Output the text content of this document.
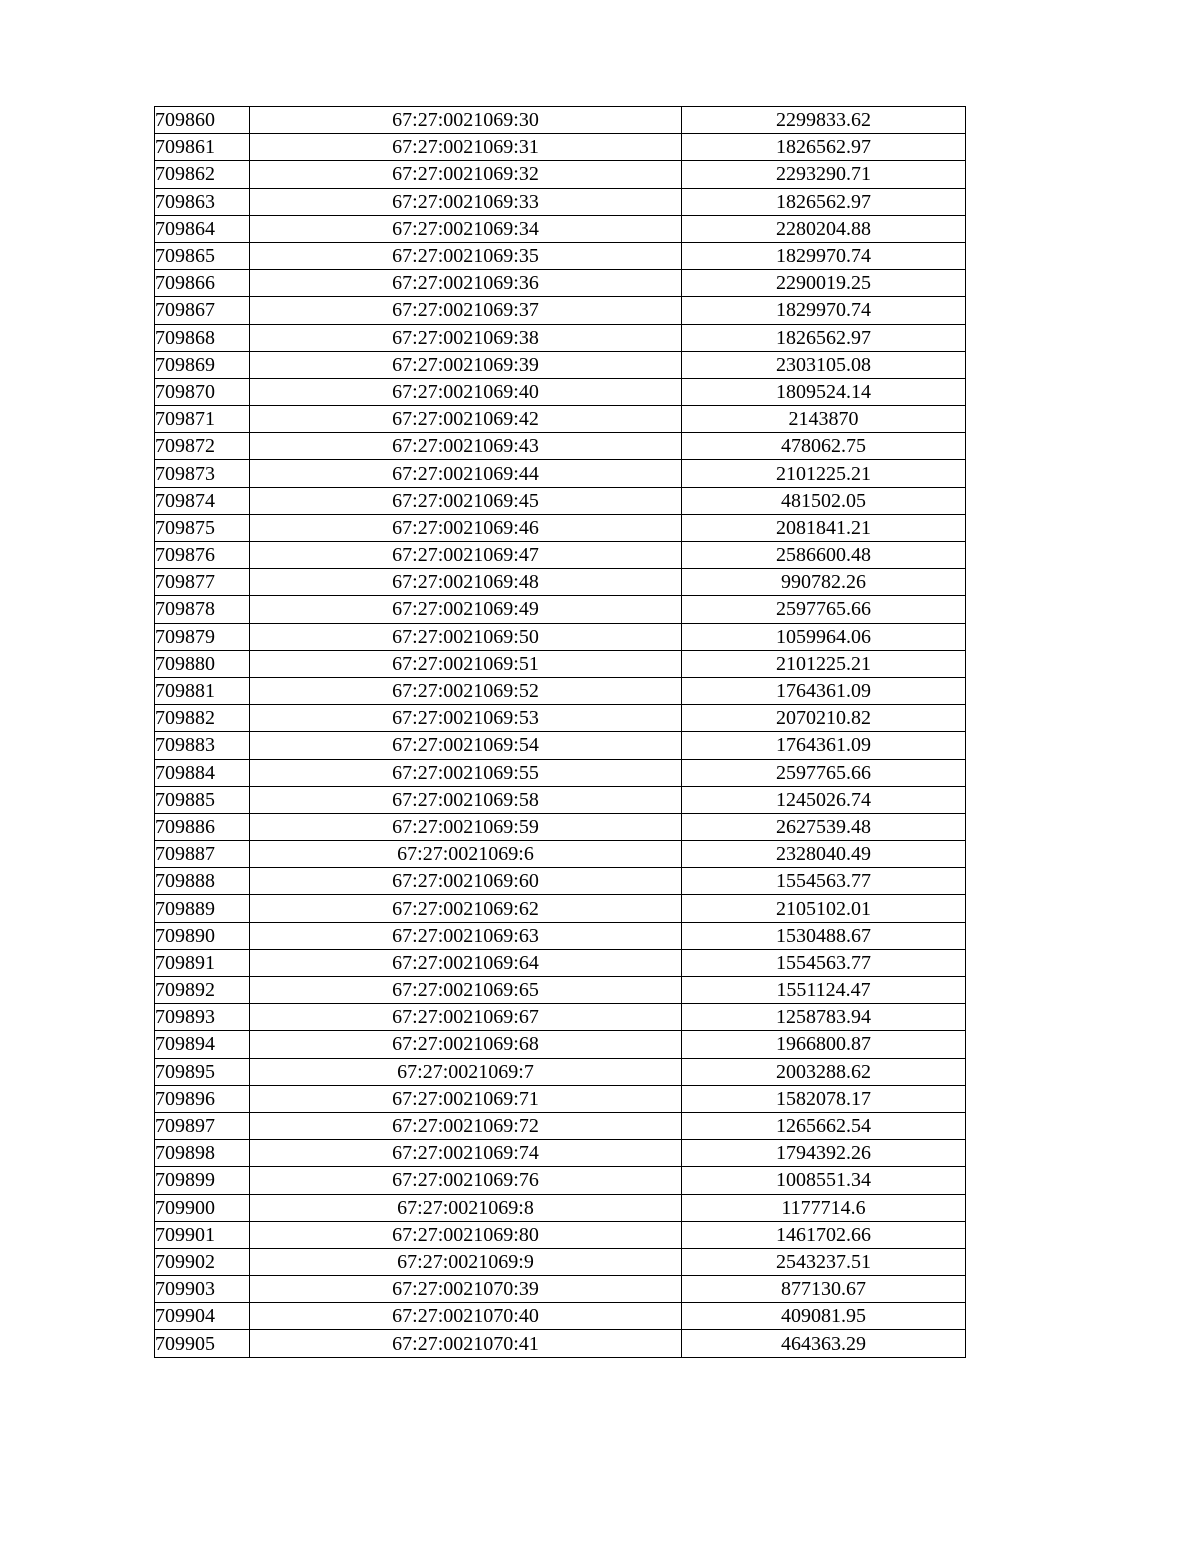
709860	67:27:0021069:30	2299833.62
709861	67:27:0021069:31	1826562.97
709862	67:27:0021069:32	2293290.71
709863	67:27:0021069:33	1826562.97
709864	67:27:0021069:34	2280204.88
709865	67:27:0021069:35	1829970.74
709866	67:27:0021069:36	2290019.25
709867	67:27:0021069:37	1829970.74
709868	67:27:0021069:38	1826562.97
709869	67:27:0021069:39	2303105.08
709870	67:27:0021069:40	1809524.14
709871	67:27:0021069:42	2143870
709872	67:27:0021069:43	478062.75
709873	67:27:0021069:44	2101225.21
709874	67:27:0021069:45	481502.05
709875	67:27:0021069:46	2081841.21
709876	67:27:0021069:47	2586600.48
709877	67:27:0021069:48	990782.26
709878	67:27:0021069:49	2597765.66
709879	67:27:0021069:50	1059964.06
709880	67:27:0021069:51	2101225.21
709881	67:27:0021069:52	1764361.09
709882	67:27:0021069:53	2070210.82
709883	67:27:0021069:54	1764361.09
709884	67:27:0021069:55	2597765.66
709885	67:27:0021069:58	1245026.74
709886	67:27:0021069:59	2627539.48
709887	67:27:0021069:6	2328040.49
709888	67:27:0021069:60	1554563.77
709889	67:27:0021069:62	2105102.01
709890	67:27:0021069:63	1530488.67
709891	67:27:0021069:64	1554563.77
709892	67:27:0021069:65	1551124.47
709893	67:27:0021069:67	1258783.94
709894	67:27:0021069:68	1966800.87
709895	67:27:0021069:7	2003288.62
709896	67:27:0021069:71	1582078.17
709897	67:27:0021069:72	1265662.54
709898	67:27:0021069:74	1794392.26
709899	67:27:0021069:76	1008551.34
709900	67:27:0021069:8	1177714.6
709901	67:27:0021069:80	1461702.66
709902	67:27:0021069:9	2543237.51
709903	67:27:0021070:39	877130.67
709904	67:27:0021070:40	409081.95
709905	67:27:0021070:41	464363.29
